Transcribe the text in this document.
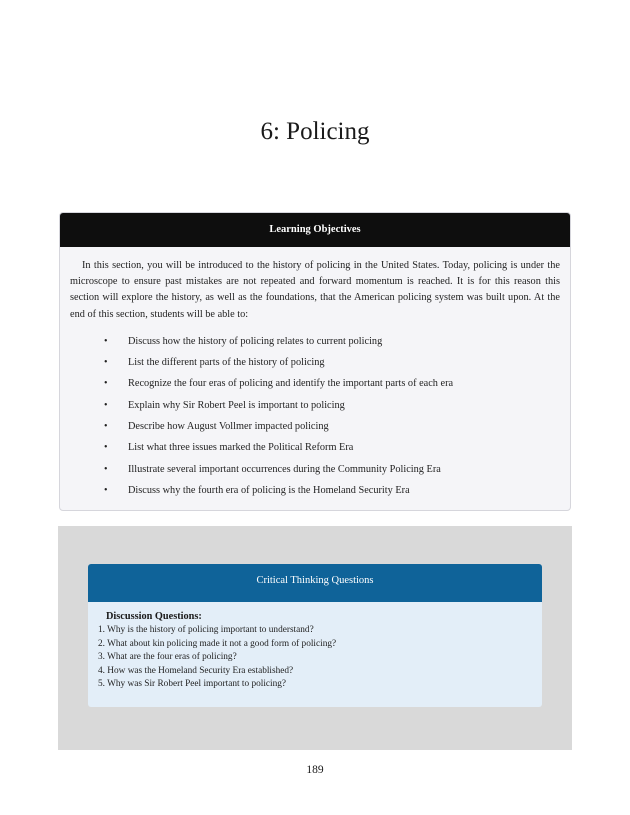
6: Policing
Learning Objectives

In this section, you will be introduced to the history of policing in the United States. Today, policing is under the microscope to ensure past mistakes are not repeated and forward momentum is reached. It is for this reason this section will explore the history, as well as the foundations, that the American policing system was built upon. At the end of this section, students will be able to:

• Discuss how the history of policing relates to current policing
• List the different parts of the history of policing
• Recognize the four eras of policing and identify the important parts of each era
• Explain why Sir Robert Peel is important to policing
• Describe how August Vollmer impacted policing
• List what three issues marked the Political Reform Era
• Illustrate several important occurrences during the Community Policing Era
• Discuss why the fourth era of policing is the Homeland Security Era
Critical Thinking Questions
Discussion Questions:
1. Why is the history of policing important to understand?
2. What about kin policing made it not a good form of policing?
3. What are the four eras of policing?
4. How was the Homeland Security Era established?
5. Why was Sir Robert Peel important to policing?
189
